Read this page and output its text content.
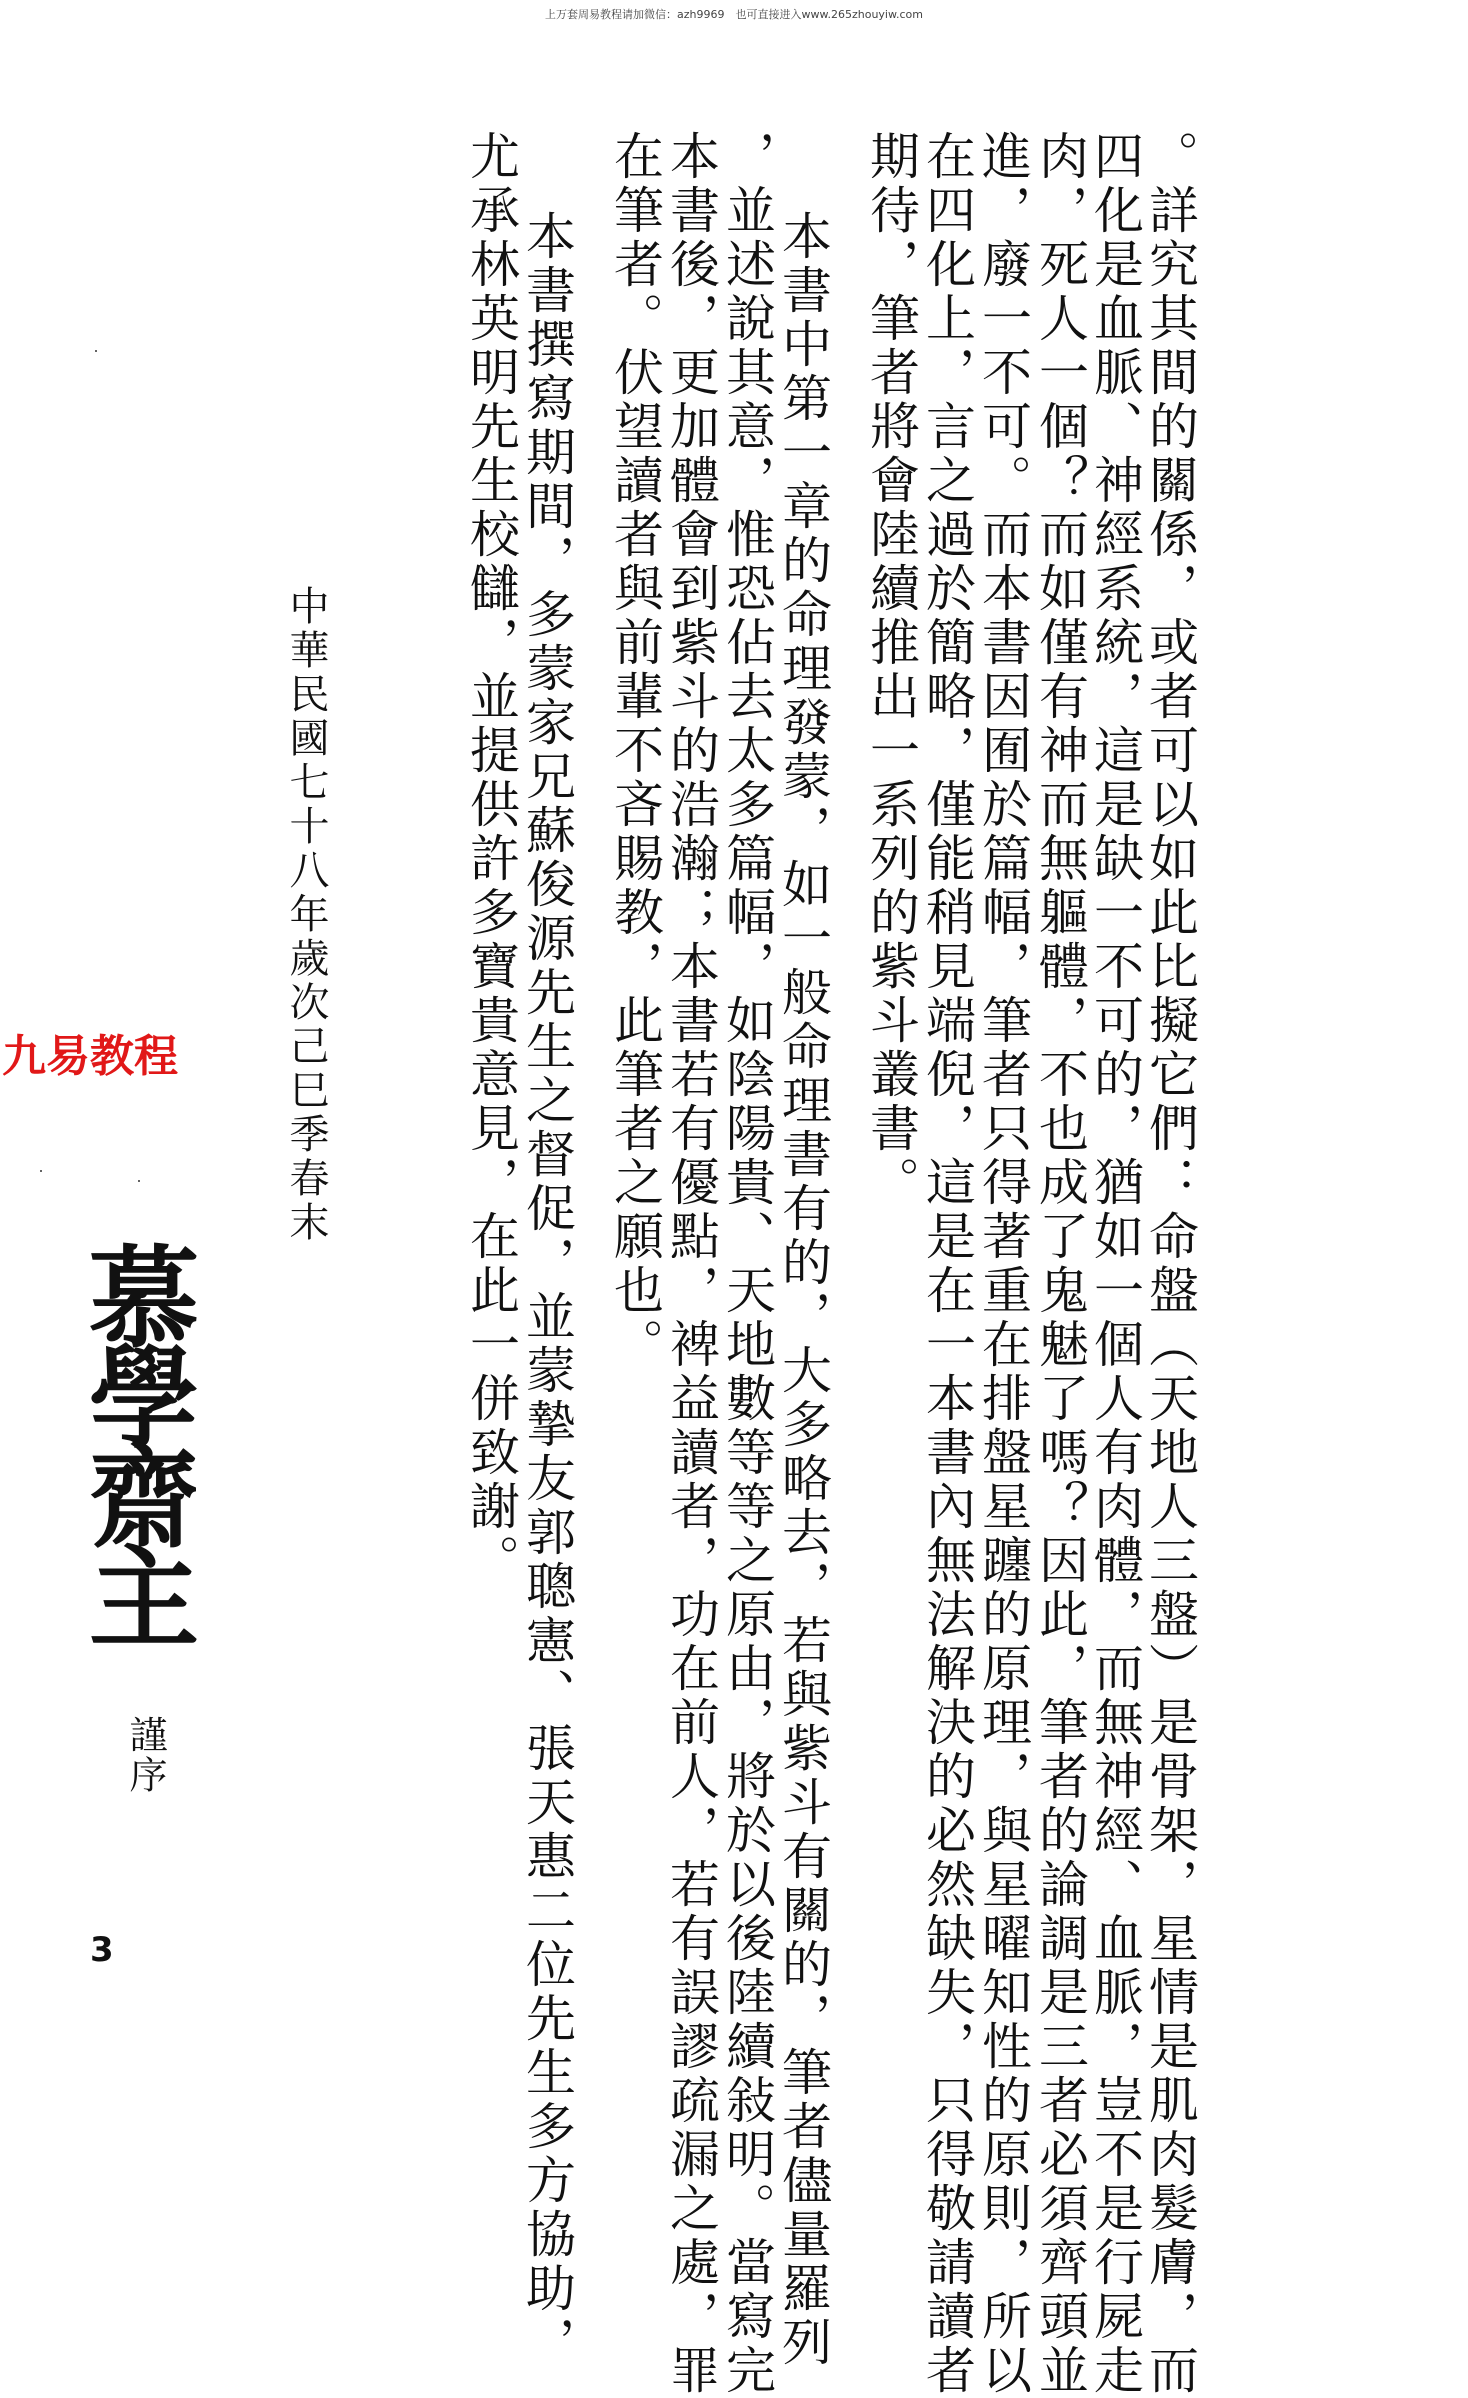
上万套周易教程请加微信：azh9969　也可直接进入www.265zhouyiw.com
。詳究其間的關係，或者可以如此比擬它們：命盤（天地人三盤）是骨架，星情是肌肉髮膚，而
四化是血脈、神經系統，這是缺一不可的，猶如一個人有肉體，而無神經、血脈，豈不是行屍走
肉，死人一個？而如僅有神而無軀體，不也成了鬼魅了嗎？因此，筆者的論調是三者必須齊頭並
進，廢一不可。而本書因囿於篇幅，筆者只得著重在排盤星躔的原理，與星曜知性的原則，所以
在四化上，言之過於簡略，僅能稍見端倪，這是在一本書內無法解決的必然缺失，只得敬請讀者
期待，筆者將會陸續推出一系列的紫斗叢書。
本書中第一章的命理發蒙，如一般命理書有的，大多略去，若與紫斗有關的，筆者儘量羅列
，並述說其意，惟恐佔去太多篇幅，如陰陽貴、天地數等等之原由，將於以後陸續敍明。當寫完
本書後，更加體會到紫斗的浩瀚；本書若有優點，裨益讀者，功在前人，若有誤謬疏漏之處，罪
在筆者。伏望讀者與前輩不吝賜教，此筆者之願也。
本書撰寫期間，多蒙家兄蘇俊源先生之督促，並蒙摯友郭聰憲、張天惠二位先生多方協助，
尤承林英明先生校讎，並提供許多寶貴意見，在此一併致謝。
中華民國七十八年歲次己巳季春末
九易教程
慕學齋主
謹序
3
